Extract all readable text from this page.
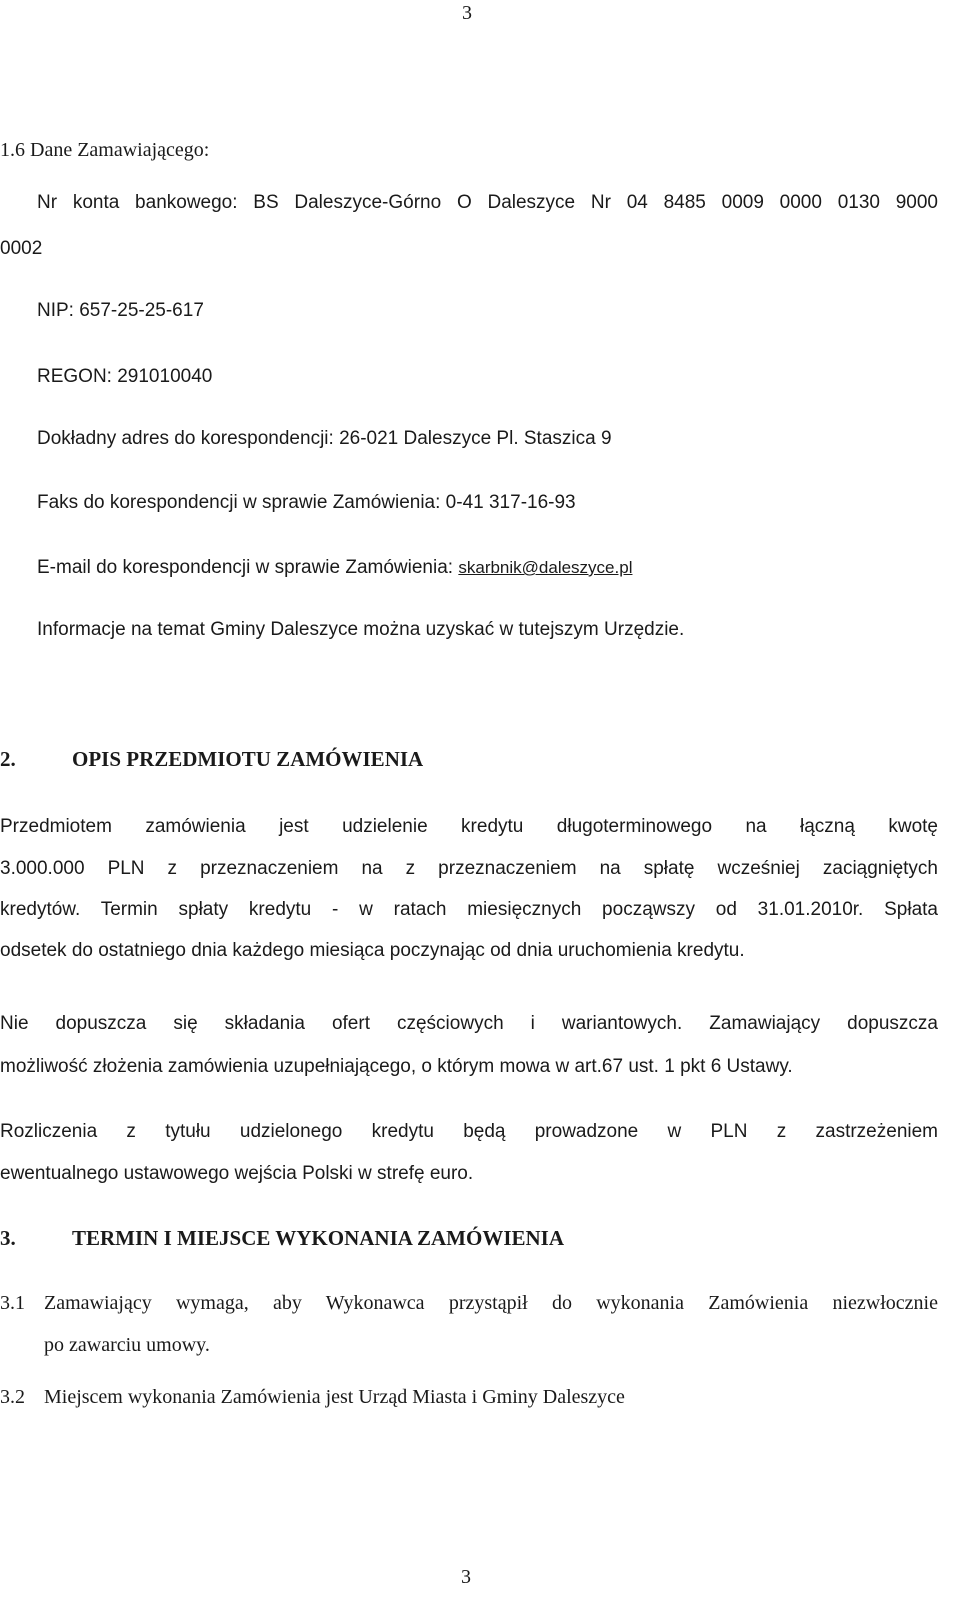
3
1.6 Dane Zamawiającego:
Nr konta bankowego: BS Daleszyce-Górno O Daleszyce Nr 04 8485 0009 0000 0130 9000
0002
NIP: 657-25-25-617
REGON: 291010040
Dokładny adres do korespondencji: 26-021 Daleszyce Pl. Staszica 9
Faks do korespondencji w sprawie Zamówienia: 0-41 317-16-93
E-mail do korespondencji w sprawie Zamówienia: skarbnik@daleszyce.pl
Informacje na temat Gminy Daleszyce można uzyskać w tutejszym Urzędzie.
2.	OPIS PRZEDMIOTU ZAMÓWIENIA
Przedmiotem zamówienia jest udzielenie kredytu długoterminowego na łączną kwotę
3.000.000 PLN z przeznaczeniem na z przeznaczeniem na spłatę wcześniej zaciągniętych
kredytów. Termin spłaty kredytu - w ratach miesięcznych począwszy od 31.01.2010r. Spłata
odsetek do ostatniego dnia każdego miesiąca poczynając od dnia uruchomienia kredytu.
Nie dopuszcza się składania ofert częściowych i wariantowych. Zamawiający dopuszcza
możliwość złożenia zamówienia uzupełniającego, o którym mowa w art.67 ust. 1 pkt 6 Ustawy.
Rozliczenia z tytułu udzielonego kredytu będą prowadzone w PLN z zastrzeżeniem
ewentualnego ustawowego wejścia Polski w strefę euro.
3.	TERMIN I MIEJSCE WYKONANIA ZAMÓWIENIA
3.1 Zamawiający wymaga, aby Wykonawca przystąpił do wykonania Zamówienia niezwłocznie
po zawarciu umowy.
3.2 Miejscem wykonania Zamówienia jest Urząd Miasta i Gminy Daleszyce
3
